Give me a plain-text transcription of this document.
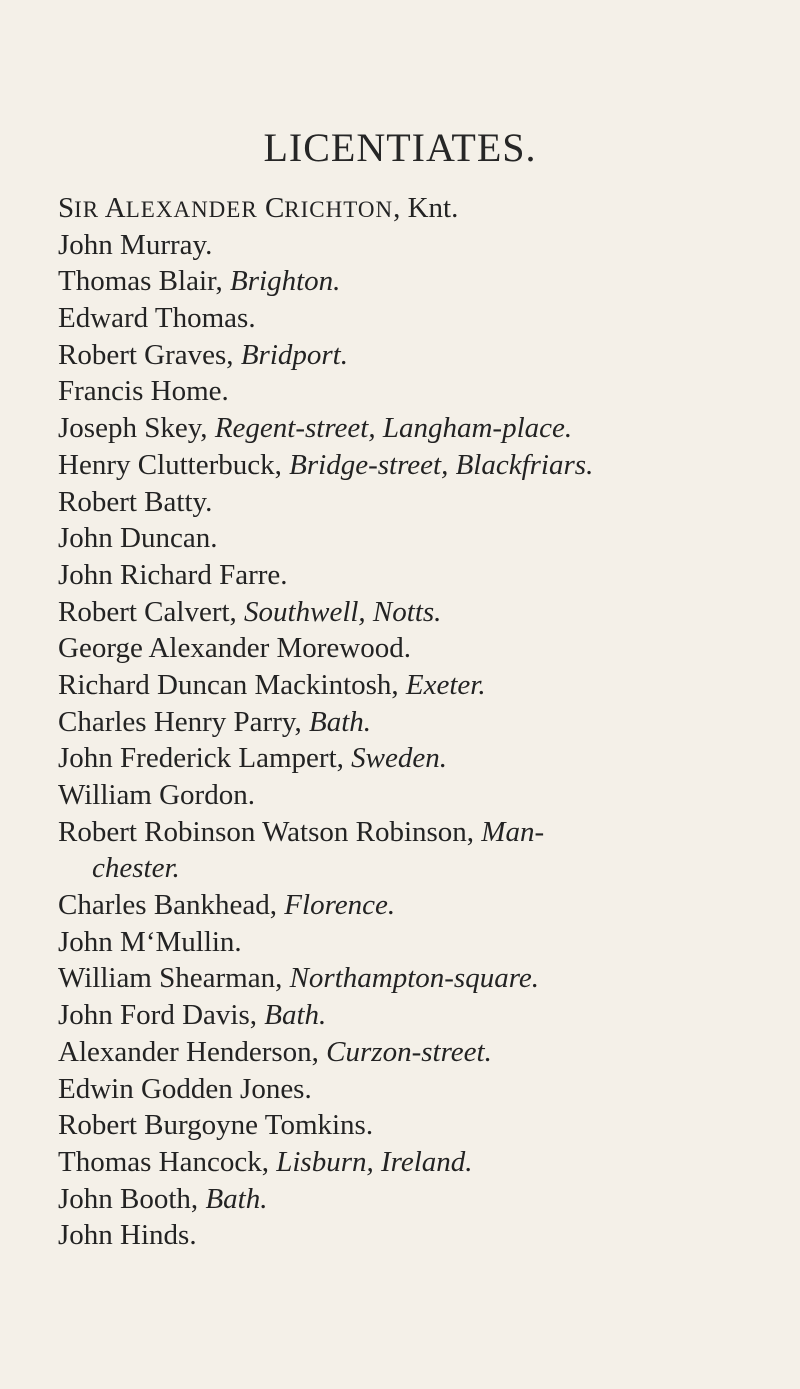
LICENTIATES.
SIR ALEXANDER CRICHTON, Knt.
John Murray.
Thomas Blair, Brighton.
Edward Thomas.
Robert Graves, Bridport.
Francis Home.
Joseph Skey, Regent-street, Langham-place.
Henry Clutterbuck, Bridge-street, Blackfriars.
Robert Batty.
John Duncan.
John Richard Farre.
Robert Calvert, Southwell, Notts.
George Alexander Morewood.
Richard Duncan Mackintosh, Exeter.
Charles Henry Parry, Bath.
John Frederick Lampert, Sweden.
William Gordon.
Robert Robinson Watson Robinson, Man-
chester.
Charles Bankhead, Florence.
John M‘Mullin.
William Shearman, Northampton-square.
John Ford Davis, Bath.
Alexander Henderson, Curzon-street.
Edwin Godden Jones.
Robert Burgoyne Tomkins.
Thomas Hancock, Lisburn, Ireland.
John Booth, Bath.
John Hinds.
